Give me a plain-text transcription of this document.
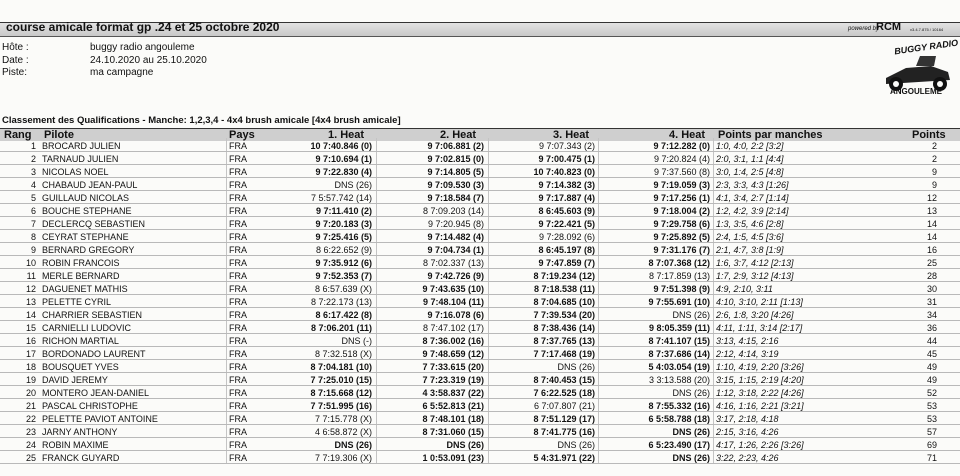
course amicale format gp .24 et 25 octobre 2020	powered by
RCM v3.4.7.875 / 10164
Hôte :	buggy radio angouleme
Date :	24.10.2020 au 25.10.2020
Piste:	ma campagne
BUGGY RADIO
ANGOULEME
Classement des Qualifications - Manche: 1,2,3,4 - 4x4 brush amicale [4x4 brush amicale]
Rang Pilote	Pays	1. Heat	2. Heat	3. Heat	4. Heat Points par manches	Points
1 BROCARD JULIEN	FRA	10 7:40.846 (0)	9 7:06.881 (2)	9 7:07.343 (2)	9 7:12.282 (0) 1:0, 4:0, 2:2 [3:2]	2
2 TARNAUD JULIEN	FRA	9 7:10.694 (1)	9 7:02.815 (0)	9 7:00.475 (1)	9 7:20.824 (4) 2:0, 3:1, 1:1 [4:4]	2
3 NICOLAS NOEL	FRA	9 7:22.830 (4)	9 7:14.805 (5)	10 7:40.823 (0)	9 7:37.560 (8) 3:0, 1:4, 2:5 [4:8]	9
4 CHABAUD JEAN-PAUL	FRA	DNS (26)	9 7:09.530 (3)	9 7:14.382 (3)	9 7:19.059 (3) 2:3, 3:3, 4:3 [1:26]	9
5 GUILLAUD NICOLAS	FRA	7 5:57.742 (14)	9 7:18.584 (7)	9 7:17.887 (4)	9 7:17.256 (1) 4:1, 3:4, 2:7 [1:14]	12
6 BOUCHE STEPHANE	FRA	9 7:11.410 (2)	8 7:09.203 (14)	8 6:45.603 (9)	9 7:18.004 (2) 1:2, 4:2, 3:9 [2:14]	13
7 DECLERCQ SEBASTIEN	FRA	9 7:20.183 (3)	9 7:20.945 (8)	9 7:22.421 (5)	9 7:29.758 (6) 1:3, 3:5, 4:6 [2:8]	14
8 CEYRAT STEPHANE	FRA	9 7:25.416 (5)	9 7:14.482 (4)	9 7:28.092 (6)	9 7:25.892 (5) 2:4, 1:5, 4:5 [3:6]	14
9 BERNARD GREGORY	FRA	8 6:22.652 (9)	9 7:04.734 (1)	8 6:45.197 (8)	9 7:31.176 (7) 2:1, 4:7, 3:8 [1:9]	16
10 ROBIN FRANCOIS	FRA	9 7:35.912 (6)	8 7:02.337 (13)	9 7:47.859 (7)	8 7:07.368 (12) 1:6, 3:7, 4:12 [2:13]	25
11 MERLE BERNARD	FRA	9 7:52.353 (7)	9 7:42.726 (9)	8 7:19.234 (12)	8 7:17.859 (13) 1:7, 2:9, 3:12 [4:13]	28
12 DAGUENET MATHIS	FRA	8 6:57.639 (X)	9 7:43.635 (10)	8 7:18.538 (11)	9 7:51.398 (9) 4:9, 2:10, 3:11	30
13 PELETTE CYRIL	FRA	8 7:22.173 (13)	9 7:48.104 (11)	8 7:04.685 (10)	9 7:55.691 (10) 4:10, 3:10, 2:11 [1:13]	31
14 CHARRIER SEBASTIEN	FRA	8 6:17.422 (8)	9 7:16.078 (6)	7 7:39.534 (20)	DNS (26) 2:6, 1:8, 3:20 [4:26]	34
15 CARNIELLI LUDOVIC	FRA	8 7:06.201 (11)	8 7:47.102 (17)	8 7:38.436 (14)	9 8:05.359 (11) 4:11, 1:11, 3:14 [2:17]	36
16 RICHON MARTIAL	FRA	DNS (-)	8 7:36.002 (16)	8 7:37.765 (13)	8 7:41.107 (15) 3:13, 4:15, 2:16	44
17 BORDONADO LAURENT	FRA	8 7:32.518 (X)	9 7:48.659 (12)	7 7:17.468 (19)	8 7:37.686 (14) 2:12, 4:14, 3:19	45
18 BOUSQUET YVES	FRA	8 7:04.181 (10)	7 7:33.615 (20)	DNS (26)	5 4:03.054 (19) 1:10, 4:19, 2:20 [3:26]	49
19 DAVID JEREMY	FRA	7 7:25.010 (15)	7 7:23.319 (19)	8 7:40.453 (15)	3 3:13.588 (20) 3:15, 1:15, 2:19 [4:20]	49
20 MONTERO JEAN-DANIEL	FRA	8 7:15.668 (12)	4 3:58.837 (22)	7 6:22.525 (18)	DNS (26) 1:12, 3:18, 2:22 [4:26]	52
21 PASCAL CHRISTOPHE	FRA	7 7:51.995 (16)	6 5:52.813 (21)	6 7:07.807 (21)	8 7:55.332 (16) 4:16, 1:16, 2:21 [3:21]	53
22 PELETTE PAVIOT ANTOINE	FRA	7 7:15.778 (X)	8 7:48.101 (18)	8 7:51.129 (17)	6 5:58.788 (18) 3:17, 2:18, 4:18	53
23 JARNY ANTHONY	FRA	4 6:58.872 (X)	8 7:31.060 (15)	8 7:41.775 (16)	DNS (26) 2:15, 3:16, 4:26	57
24 ROBIN MAXIME	FRA	DNS (26)	DNS (26)	DNS (26)	6 5:23.490 (17) 4:17, 1:26, 2:26 [3:26]	69
25 FRANCK GUYARD	FRA	7 7:19.306 (X)	1 0:53.091 (23)	5 4:31.971 (22)	DNS (26) 3:22, 2:23, 4:26	71
